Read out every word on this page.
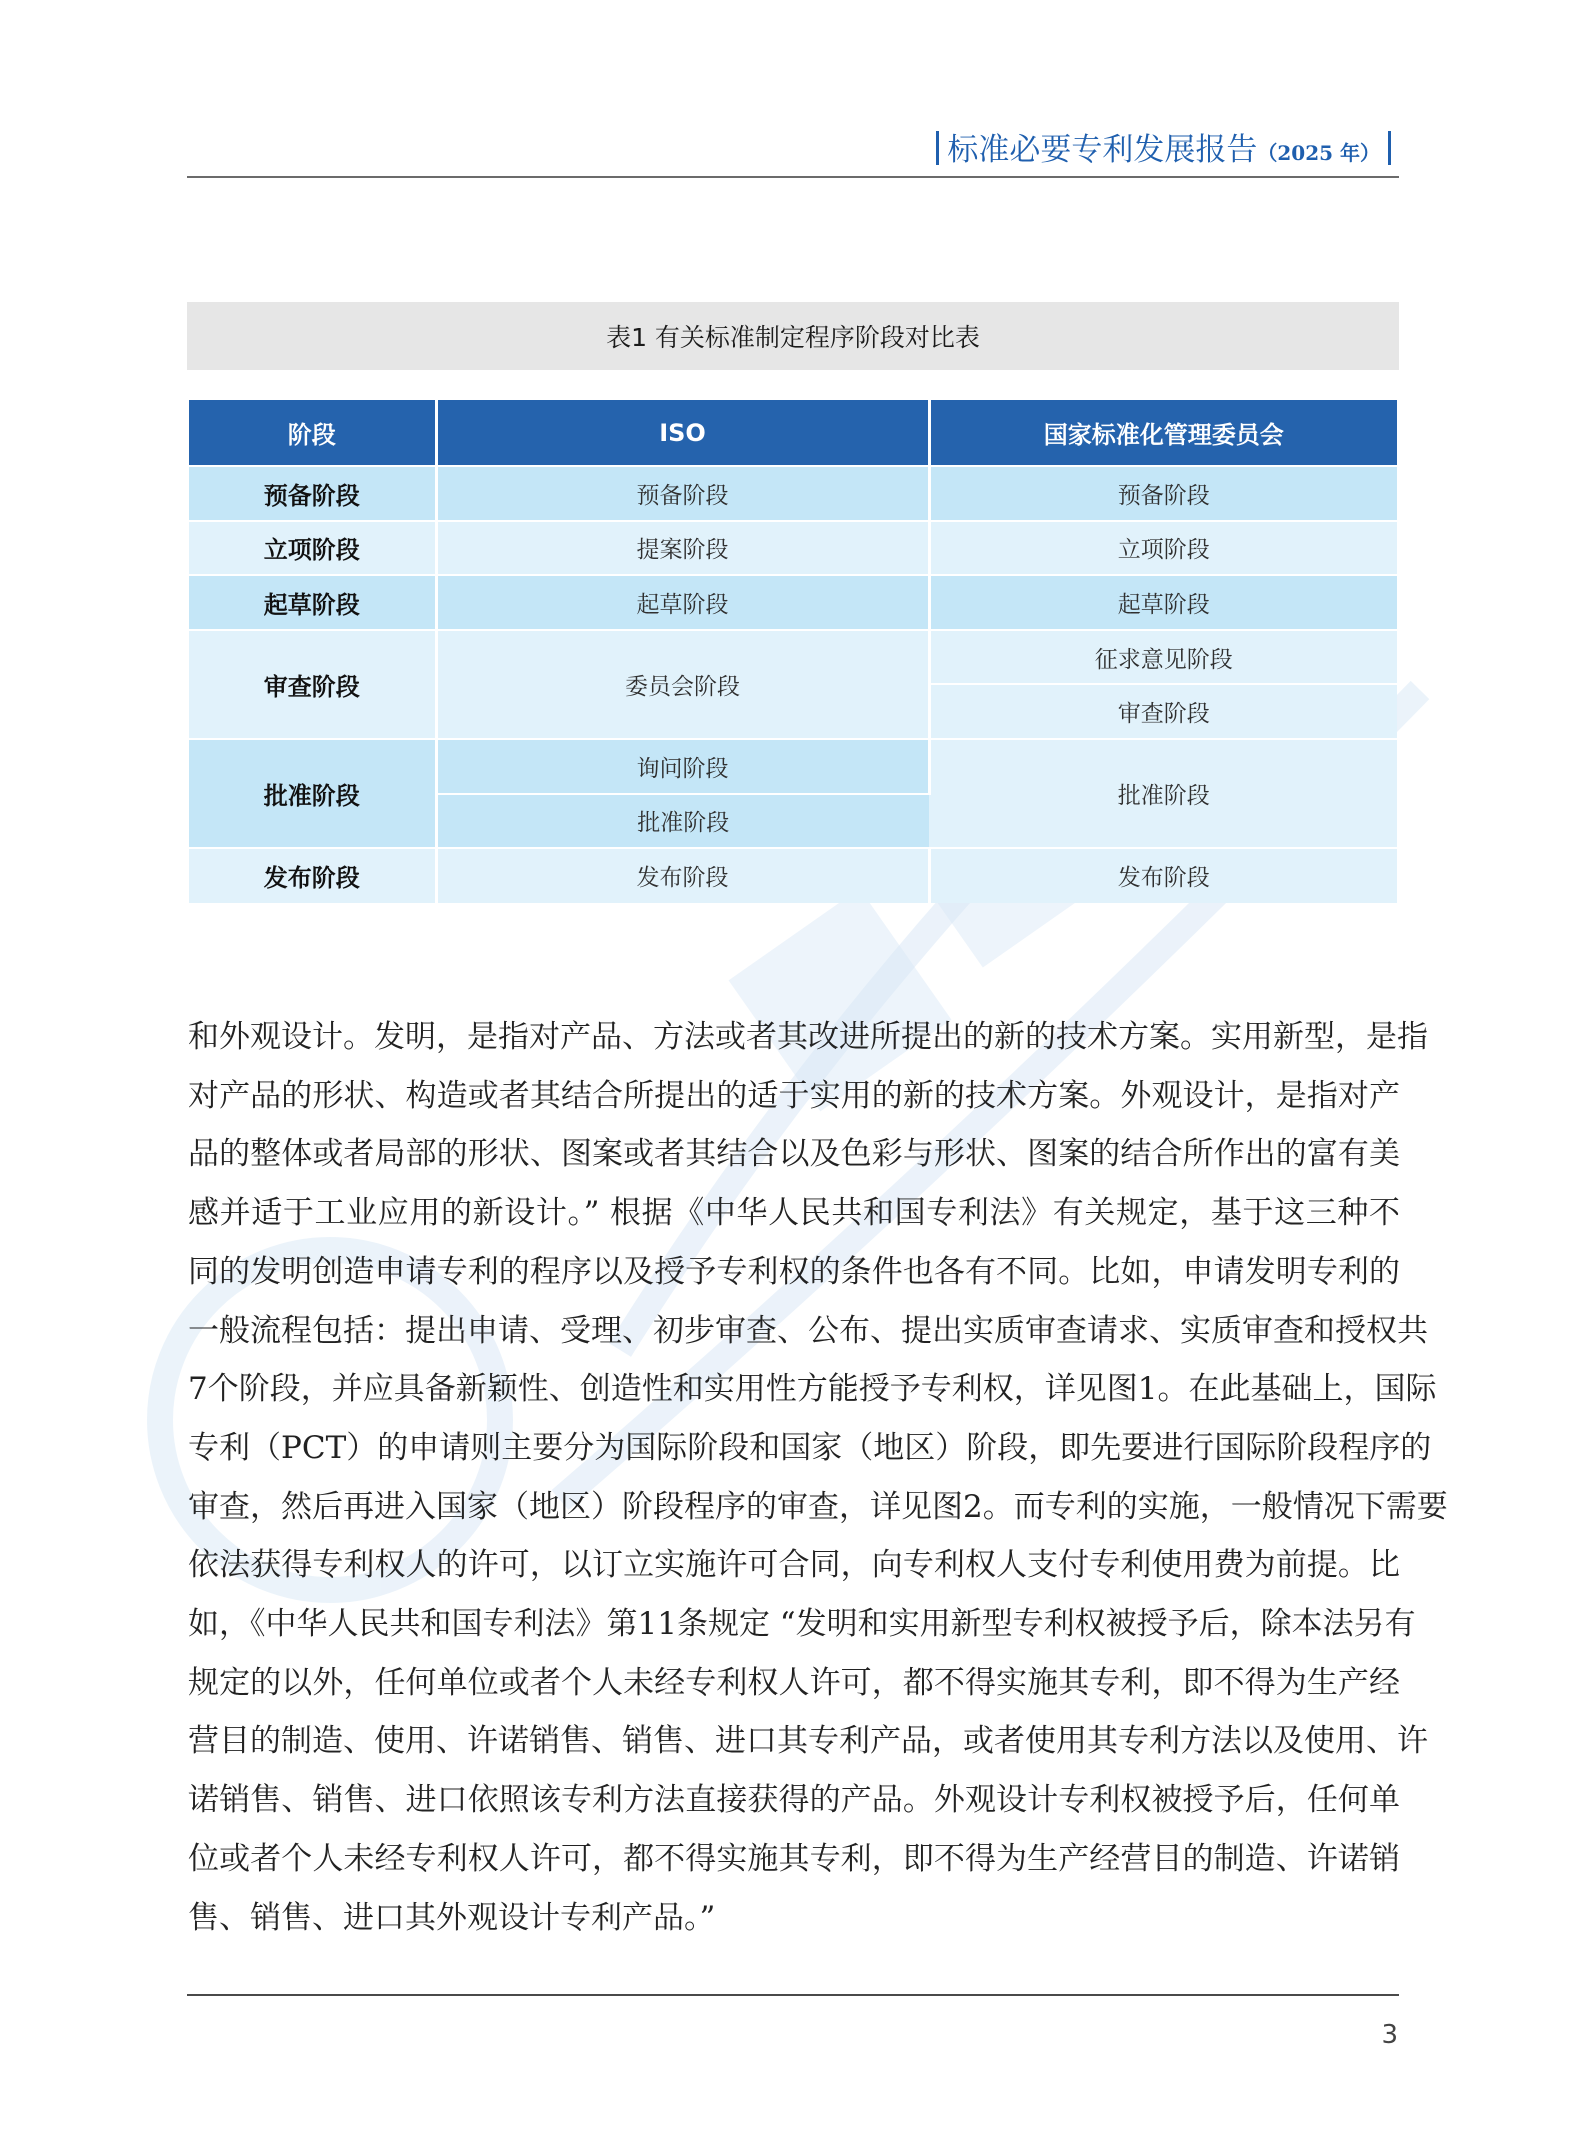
标准必要专利发展报告（2025 年）
表1 有关标准制定程序阶段对比表
阶段	ISO	国家标准化管理委员会
预备阶段	预备阶段	预备阶段
立项阶段	提案阶段	立项阶段
起草阶段	起草阶段	起草阶段
审查阶段	委员会阶段	征求意见阶段
		审查阶段
批准阶段	询问阶段	批准阶段
	批准阶段	
发布阶段	发布阶段	发布阶段
和外观设计。发明，是指对产品、方法或者其改进所提出的新的技术方案。实用新型，是指
对产品的形状、构造或者其结合所提出的适于实用的新的技术方案。外观设计，是指对产
品的整体或者局部的形状、图案或者其结合以及色彩与形状、图案的结合所作出的富有美
感并适于工业应用的新设计。” 根据《中华人民共和国专利法》有关规定，基于这三种不
同的发明创造申请专利的程序以及授予专利权的条件也各有不同。比如，申请发明专利的
一般流程包括：提出申请、受理、初步审查、公布、提出实质审查请求、实质审查和授权共
7个阶段，并应具备新颖性、创造性和实用性方能授予专利权，详见图1。在此基础上，国际
专利（PCT）的申请则主要分为国际阶段和国家（地区）阶段，即先要进行国际阶段程序的
审查，然后再进入国家（地区）阶段程序的审查，详见图2。而专利的实施，一般情况下需要
依法获得专利权人的许可，以订立实施许可合同，向专利权人支付专利使用费为前提。比
如，《中华人民共和国专利法》第11条规定 “发明和实用新型专利权被授予后，除本法另有
规定的以外，任何单位或者个人未经专利权人许可，都不得实施其专利，即不得为生产经
营目的制造、使用、许诺销售、销售、进口其专利产品，或者使用其专利方法以及使用、许
诺销售、销售、进口依照该专利方法直接获得的产品。外观设计专利权被授予后，任何单
位或者个人未经专利权人许可，都不得实施其专利，即不得为生产经营目的制造、许诺销
售、销售、进口其外观设计专利产品。”
3
